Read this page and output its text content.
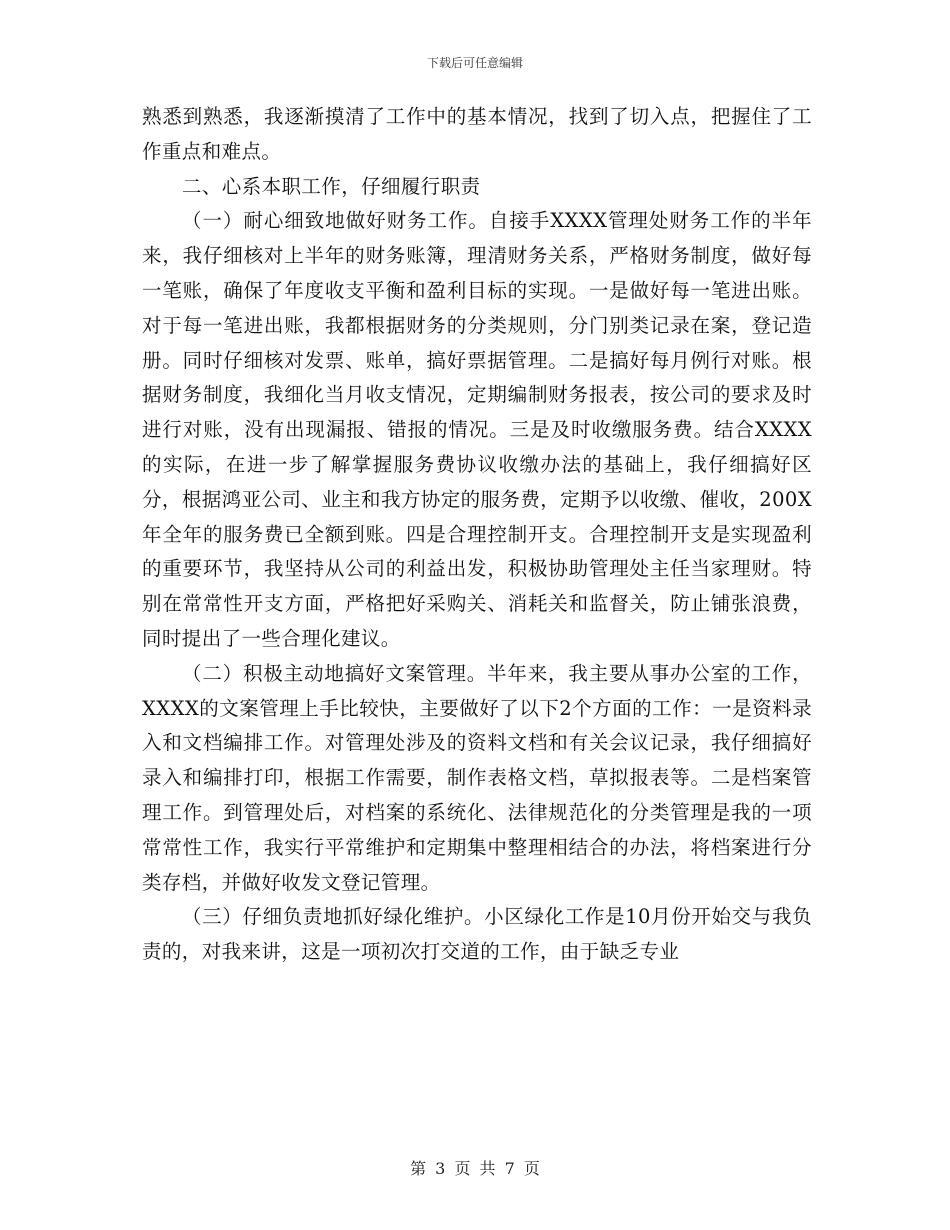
下载后可任意编辑

熟悉到熟悉，我逐渐摸清了工作中的基本情况，找到了切入点，把握住了工作重点和难点。

二、心系本职工作，仔细履行职责

（一）耐心细致地做好财务工作。自接手XXXX管理处财务工作的半年来，我仔细核对上半年的财务账簿，理清财务关系，严格财务制度，做好每一笔账，确保了年度收支平衡和盈利目标的实现。一是做好每一笔进出账。对于每一笔进出账，我都根据财务的分类规则，分门别类记录在案，登记造册。同时仔细核对发票、账单，搞好票据管理。二是搞好每月例行对账。根据财务制度，我细化当月收支情况，定期编制财务报表，按公司的要求及时进行对账，没有出现漏报、错报的情况。三是及时收缴服务费。结合XXXX的实际，在进一步了解掌握服务费协议收缴办法的基础上，我仔细搞好区分，根据鸿亚公司、业主和我方协定的服务费，定期予以收缴、催收，200X年全年的服务费已全额到账。四是合理控制开支。合理控制开支是实现盈利的重要环节，我坚持从公司的利益出发，积极协助管理处主任当家理财。特别在常常性开支方面，严格把好采购关、消耗关和监督关，防止铺张浪费，同时提出了一些合理化建议。

（二）积极主动地搞好文案管理。半年来，我主要从事办公室的工作，XXXX的文案管理上手比较快，主要做好了以下2个方面的工作：一是资料录入和文档编排工作。对管理处涉及的资料文档和有关会议记录，我仔细搞好录入和编排打印，根据工作需要，制作表格文档，草拟报表等。二是档案管理工作。到管理处后，对档案的系统化、法律规范化的分类管理是我的一项常常性工作，我实行平常维护和定期集中整理相结合的办法，将档案进行分类存档，并做好收发文登记管理。

（三）仔细负责地抓好绿化维护。小区绿化工作是10月份开始交与我负责的，对我来讲，这是一项初次打交道的工作，由于缺乏专业

第 3 页 共 7 页
